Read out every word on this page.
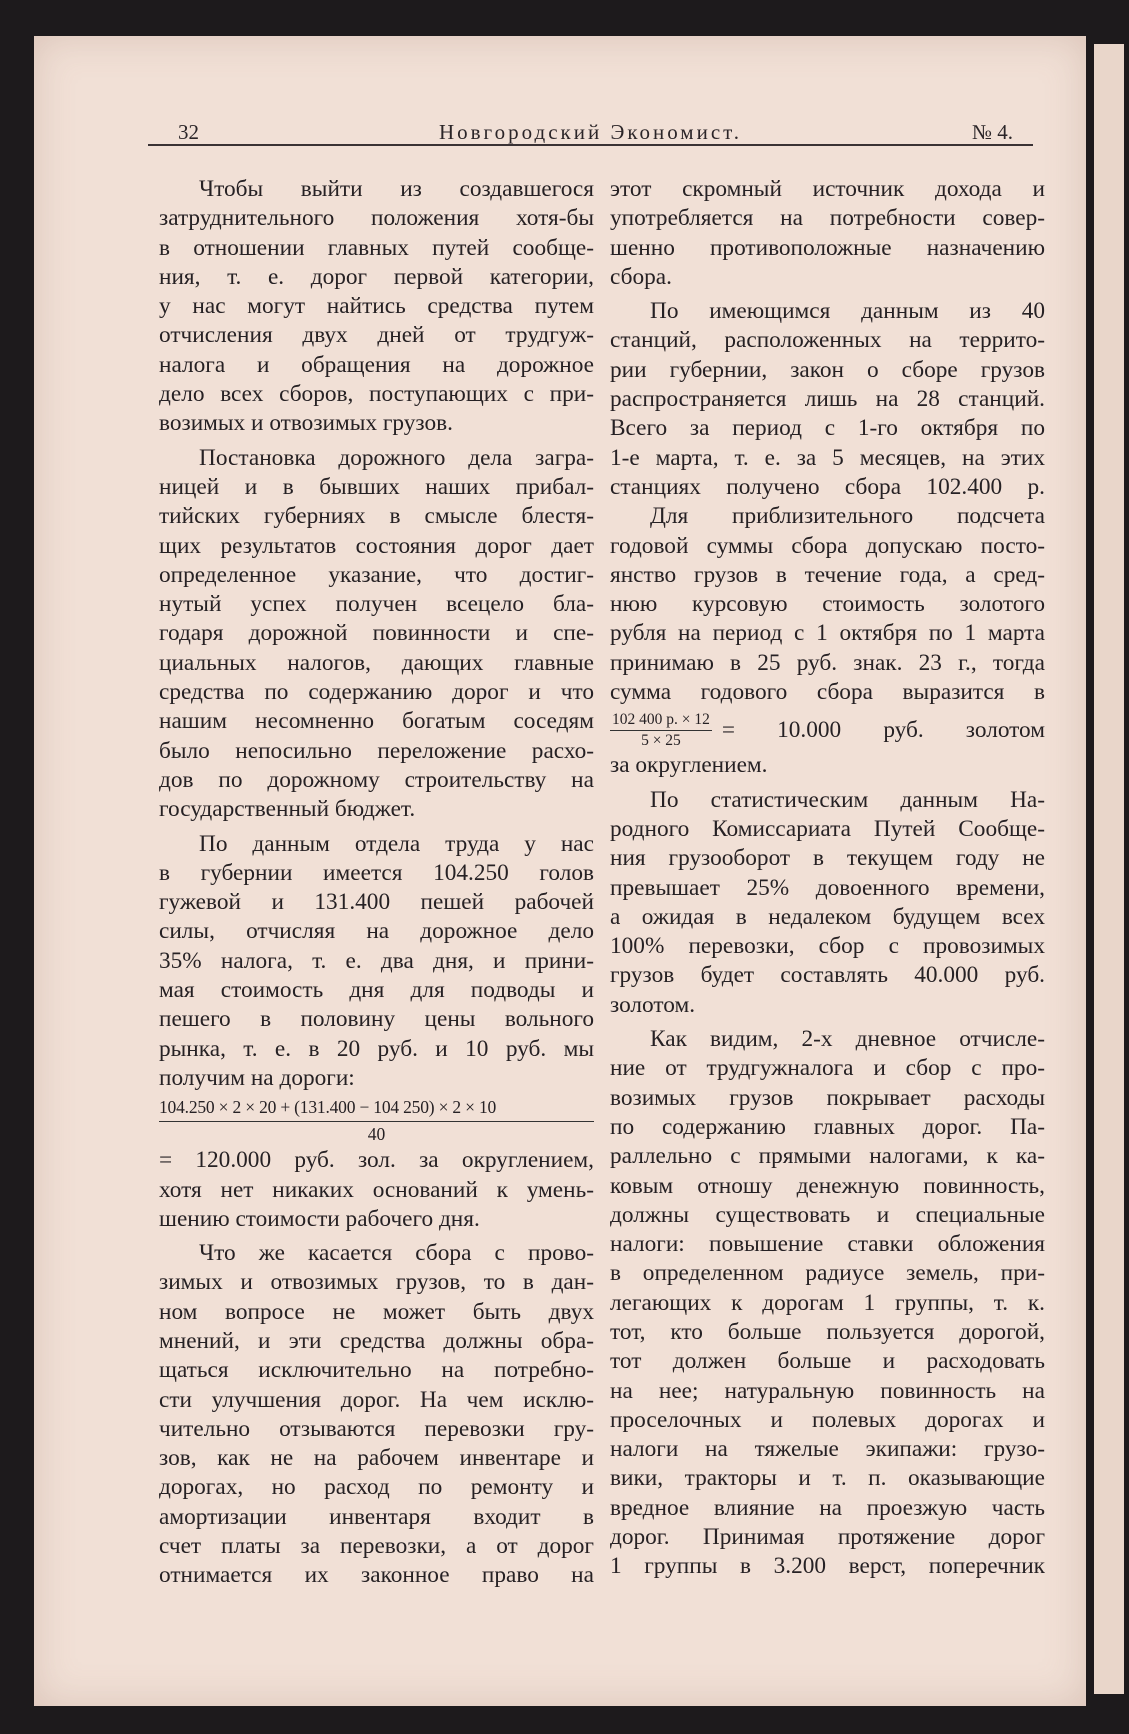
32	Новгородский Экономист.	№ 4.

Чтобы выйти из создавшегося

затруднительного положения хотя-бы

в отношении главных путей сообще-

ния, т. е. дорог первой категории,

у нас могут найтись средства путем

отчисления двух дней от трудгуж-

налога и обращения на дорожное

дело всех сборов, поступающих с при-

возимых и отвозимых грузов.

Постановка дорожного дела загра-

ницей и в бывших наших прибал-

тийских губерниях в смысле блестя-

щих результатов состояния дорог дает

определенное указание, что достиг-

нутый успех получен всецело бла-

годаря дорожной повинности и спе-

циальных налогов, дающих главные

средства по содержанию дорог и что

нашим несомненно богатым соседям

было непосильно переложение расхо-

дов по дорожному строительству на

государственный бюджет.

По данным отдела труда у нас

в губернии имеется 104.250 голов

гужевой и 131.400 пешей рабочей

силы, отчисляя на дорожное дело

35% налога, т. е. два дня, и прини-

мая стоимость дня для подводы и

пешего в половину цены вольного

рынка, т. е. в 20 руб. и 10 руб. мы

получим на дороги:

104.250 × 2 × 20 + (131.400 − 104 250) × 2 × 10
40

= 120.000 руб. зол. за округлением,

хотя нет никаких оснований к умень-

шению стоимости рабочего дня.

Что же касается сбора с прово-

зимых и отвозимых грузов, то в дан-

ном вопросе не может быть двух

мнений, и эти средства должны обра-

щаться исключительно на потребно-

сти улучшения дорог. На чем исклю-

чительно отзываются перевозки гру-

зов, как не на рабочем инвентаре и

дорогах, но расход по ремонту и

амортизации инвентаря входит в

счет платы за перевозки, а от дорог

отнимается их законное право на

этот скромный источник дохода и

употребляется на потребности совер-

шенно противоположные назначению

сбора.

По имеющимся данным из 40

станций, расположенных на террито-

рии губернии, закон о сборе грузов

распространяется лишь на 28 станций.

Всего за период с 1-го октября по

1-е марта, т. е. за 5 месяцев, на этих

станциях получено сбора 102.400 р.

Для приблизительного подсчета

годовой суммы сбора допускаю посто-

янство грузов в течение года, а сред-

нюю курсовую стоимость золотого

рубля на период с 1 октября по 1 марта

принимаю в 25 руб. знак. 23 г., тогда

сумма годового сбора выразится в

$\frac{102 400 р. \times 12}{5 \times 25} = 10.000$ руб. золотом

за округлением.

По статистическим данным На-

родного Комиссариата Путей Сообще-

ния грузооборот в текущем году не

превышает 25% довоенного времени,

а ожидая в недалеком будущем всех

100% перевозки, сбор с провозимых

грузов будет составлять 40.000 руб.

золотом.

Как видим, 2-х дневное отчисле-

ние от трудгужналога и сбор с про-

возимых грузов покрывает расходы

по содержанию главных дорог. Па-

раллельно с прямыми налогами, к ка-

ковым отношу денежную повинность,

должны существовать и специальные

налоги: повышение ставки обложения

в определенном радиусе земель, при-

легающих к дорогам 1 группы, т. к.

тот, кто больше пользуется дорогой,

тот должен больше и расходовать

на нее; натуральную повинность на

проселочных и полевых дорогах и

налоги на тяжелые экипажи: грузо-

вики, тракторы и т. п. оказывающие

вредное влияние на проезжую часть

дорог. Принимая протяжение дорог

1 группы в 3.200 верст, поперечник
